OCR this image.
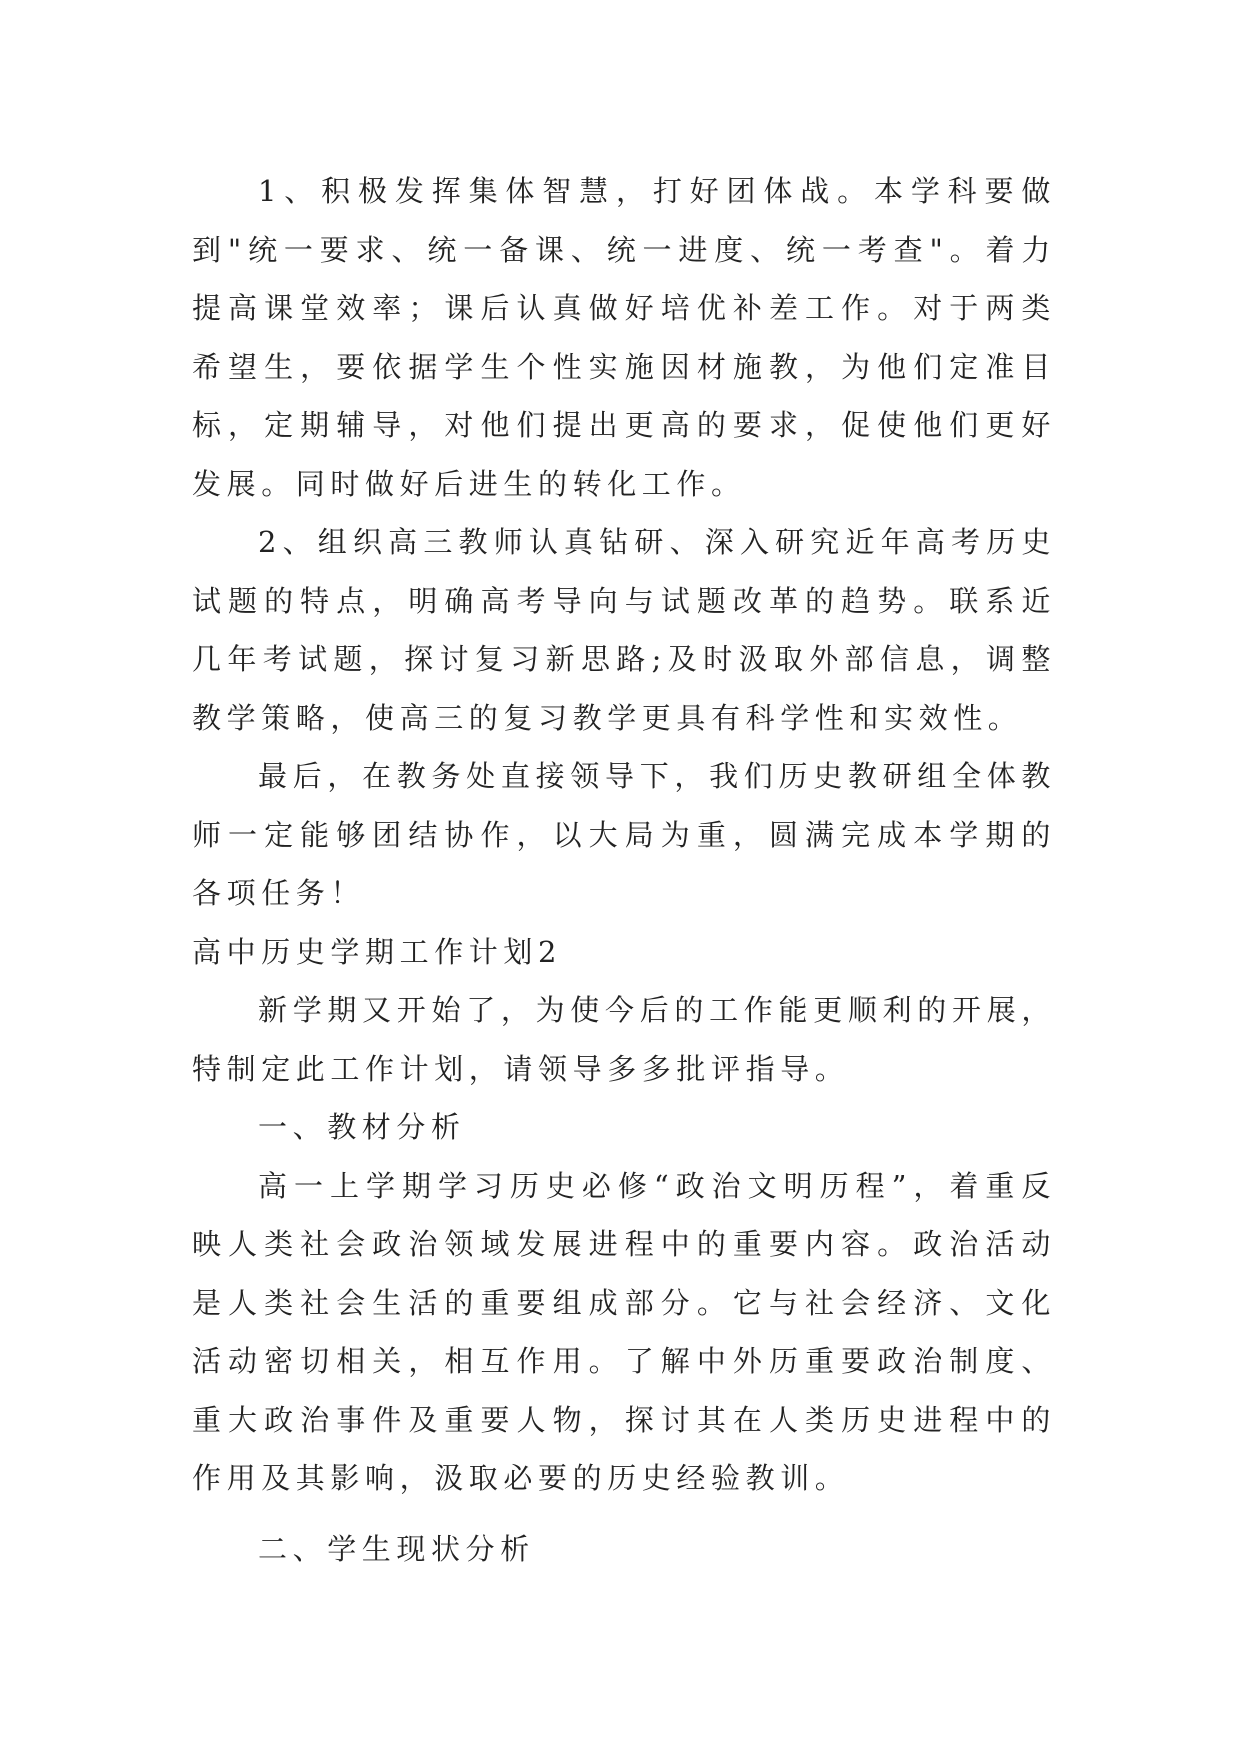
1、积极发挥集体智慧，打好团体战。本学科要做到"统一要求、统一备课、统一进度、统一考查"。着力提高课堂效率；课后认真做好培优补差工作。对于两类希望生，要依据学生个性实施因材施教，为他们定准目标，定期辅导，对他们提出更高的要求，促使他们更好发展。同时做好后进生的转化工作。

2、组织高三教师认真钻研、深入研究近年高考历史试题的特点，明确高考导向与试题改革的趋势。联系近几年考试题，探讨复习新思路;及时汲取外部信息，调整教学策略，使高三的复习教学更具有科学性和实效性。

最后，在教务处直接领导下，我们历史教研组全体教师一定能够团结协作，以大局为重，圆满完成本学期的各项任务！

高中历史学期工作计划2

新学期又开始了，为使今后的工作能更顺利的开展，特制定此工作计划，请领导多多批评指导。

一、教材分析

高一上学期学习历史必修“政治文明历程”，着重反映人类社会政治领域发展进程中的重要内容。政治活动是人类社会生活的重要组成部分。它与社会经济、文化活动密切相关，相互作用。了解中外历重要政治制度、重大政治事件及重要人物，探讨其在人类历史进程中的作用及其影响，汲取必要的历史经验教训。

二、学生现状分析
